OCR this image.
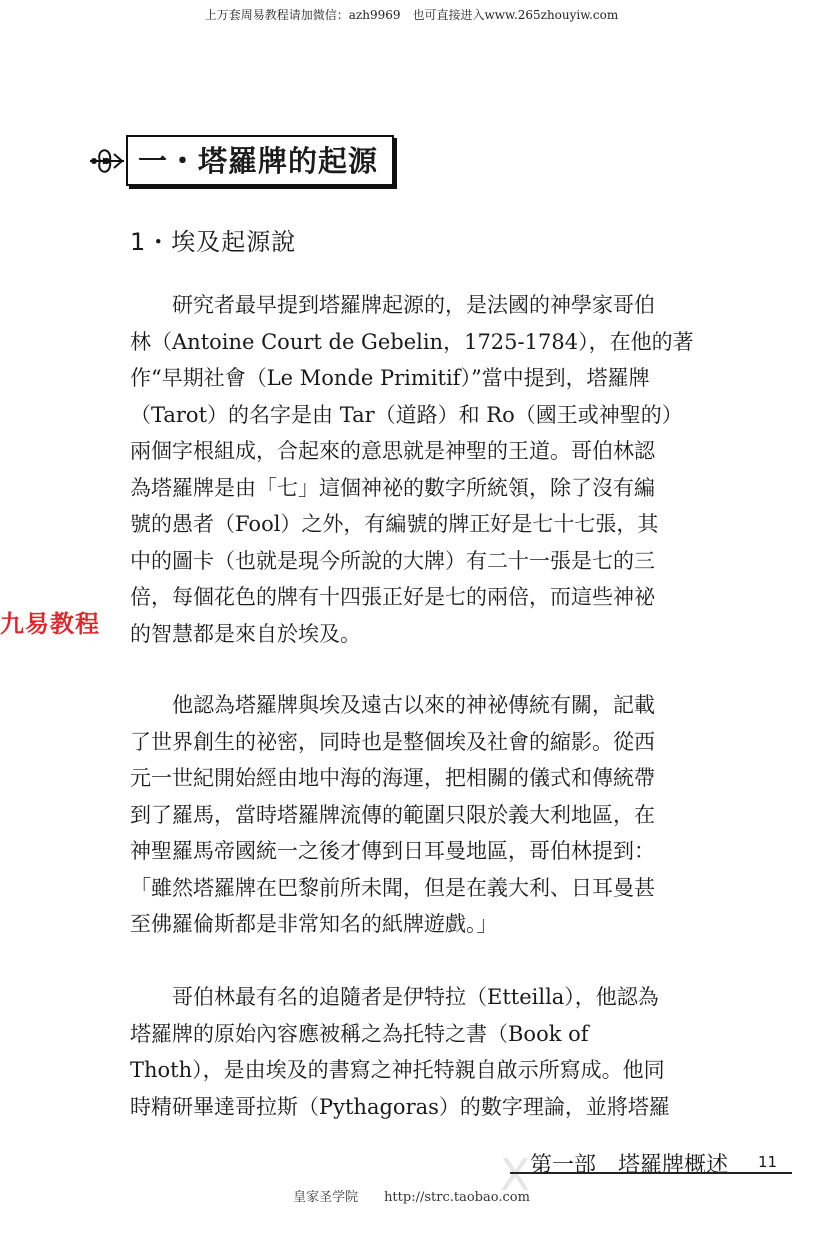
上万套周易教程请加微信：azh9969　也可直接进入www.265zhouyiw.com
一・塔羅牌的起源
1・埃及起源說
研究者最早提到塔羅牌起源的，是法國的神學家哥伯
林（Antoine Court de Gebelin，1725-1784），在他的著
作“早期社會（Le Monde Primitif）”當中提到，塔羅牌
（Tarot）的名字是由 Tar（道路）和 Ro（國王或神聖的）
兩個字根組成，合起來的意思就是神聖的王道。哥伯林認
為塔羅牌是由「七」這個神祕的數字所統領，除了沒有編
號的愚者（Fool）之外，有編號的牌正好是七十七張，其
中的圖卡（也就是現今所說的大牌）有二十一張是七的三
倍，每個花色的牌有十四張正好是七的兩倍，而這些神祕
的智慧都是來自於埃及。
九易教程
他認為塔羅牌與埃及遠古以來的神祕傳統有關，記載
了世界創生的祕密，同時也是整個埃及社會的縮影。從西
元一世紀開始經由地中海的海運，把相關的儀式和傳統帶
到了羅馬，當時塔羅牌流傳的範圍只限於義大利地區，在
神聖羅馬帝國統一之後才傳到日耳曼地區，哥伯林提到：
「雖然塔羅牌在巴黎前所未聞，但是在義大利、日耳曼甚
至佛羅倫斯都是非常知名的紙牌遊戲。」
哥伯林最有名的追隨者是伊特拉（Etteilla），他認為
塔羅牌的原始內容應被稱之為托特之書（Book of
Thoth），是由埃及的書寫之神托特親自啟示所寫成。他同
時精研畢達哥拉斯（Pythagoras）的數字理論，並將塔羅
X 第一部　塔羅牌概述 11
皇家圣学院　　http://strc.taobao.com
